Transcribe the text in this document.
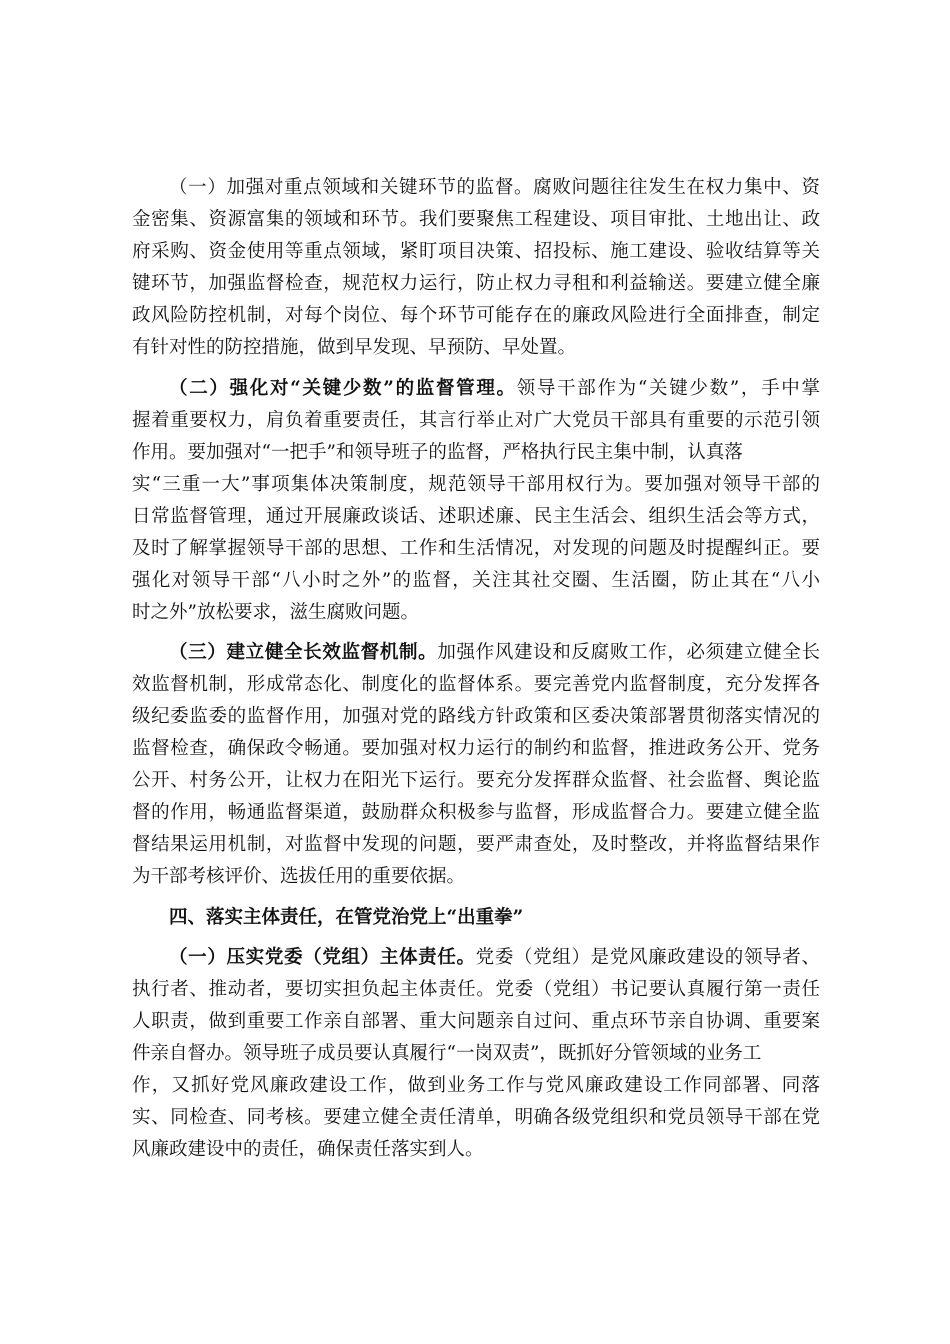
（一）加强对重点领域和关键环节的监督。腐败问题往往发生在权力集中、资
金密集、资源富集的领域和环节。我们要聚焦工程建设、项目审批、土地出让、政
府采购、资金使用等重点领域，紧盯项目决策、招投标、施工建设、验收结算等关
键环节，加强监督检查，规范权力运行，防止权力寻租和利益输送。要建立健全廉
政风险防控机制，对每个岗位、每个环节可能存在的廉政风险进行全面排查，制定
有针对性的防控措施，做到早发现、早预防、早处置。
（二）强化对“关键少数”的监督管理。领导干部作为“关键少数”，手中掌
握着重要权力，肩负着重要责任，其言行举止对广大党员干部具有重要的示范引领
作用。要加强对“一把手”和领导班子的监督，严格执行民主集中制，认真落
实“三重一大”事项集体决策制度，规范领导干部用权行为。要加强对领导干部的
日常监督管理，通过开展廉政谈话、述职述廉、民主生活会、组织生活会等方式，
及时了解掌握领导干部的思想、工作和生活情况，对发现的问题及时提醒纠正。要
强化对领导干部“八小时之外”的监督，关注其社交圈、生活圈，防止其在“八小
时之外”放松要求，滋生腐败问题。
（三）建立健全长效监督机制。加强作风建设和反腐败工作，必须建立健全长
效监督机制，形成常态化、制度化的监督体系。要完善党内监督制度，充分发挥各
级纪委监委的监督作用，加强对党的路线方针政策和区委决策部署贯彻落实情况的
监督检查，确保政令畅通。要加强对权力运行的制约和监督，推进政务公开、党务
公开、村务公开，让权力在阳光下运行。要充分发挥群众监督、社会监督、舆论监
督的作用，畅通监督渠道，鼓励群众积极参与监督，形成监督合力。要建立健全监
督结果运用机制，对监督中发现的问题，要严肃查处，及时整改，并将监督结果作
为干部考核评价、选拔任用的重要依据。
四、落实主体责任，在管党治党上“出重拳”
（一）压实党委（党组）主体责任。党委（党组）是党风廉政建设的领导者、
执行者、推动者，要切实担负起主体责任。党委（党组）书记要认真履行第一责任
人职责，做到重要工作亲自部署、重大问题亲自过问、重点环节亲自协调、重要案
件亲自督办。领导班子成员要认真履行“一岗双责”，既抓好分管领域的业务工
作，又抓好党风廉政建设工作，做到业务工作与党风廉政建设工作同部署、同落
实、同检查、同考核。要建立健全责任清单，明确各级党组织和党员领导干部在党
风廉政建设中的责任，确保责任落实到人。
